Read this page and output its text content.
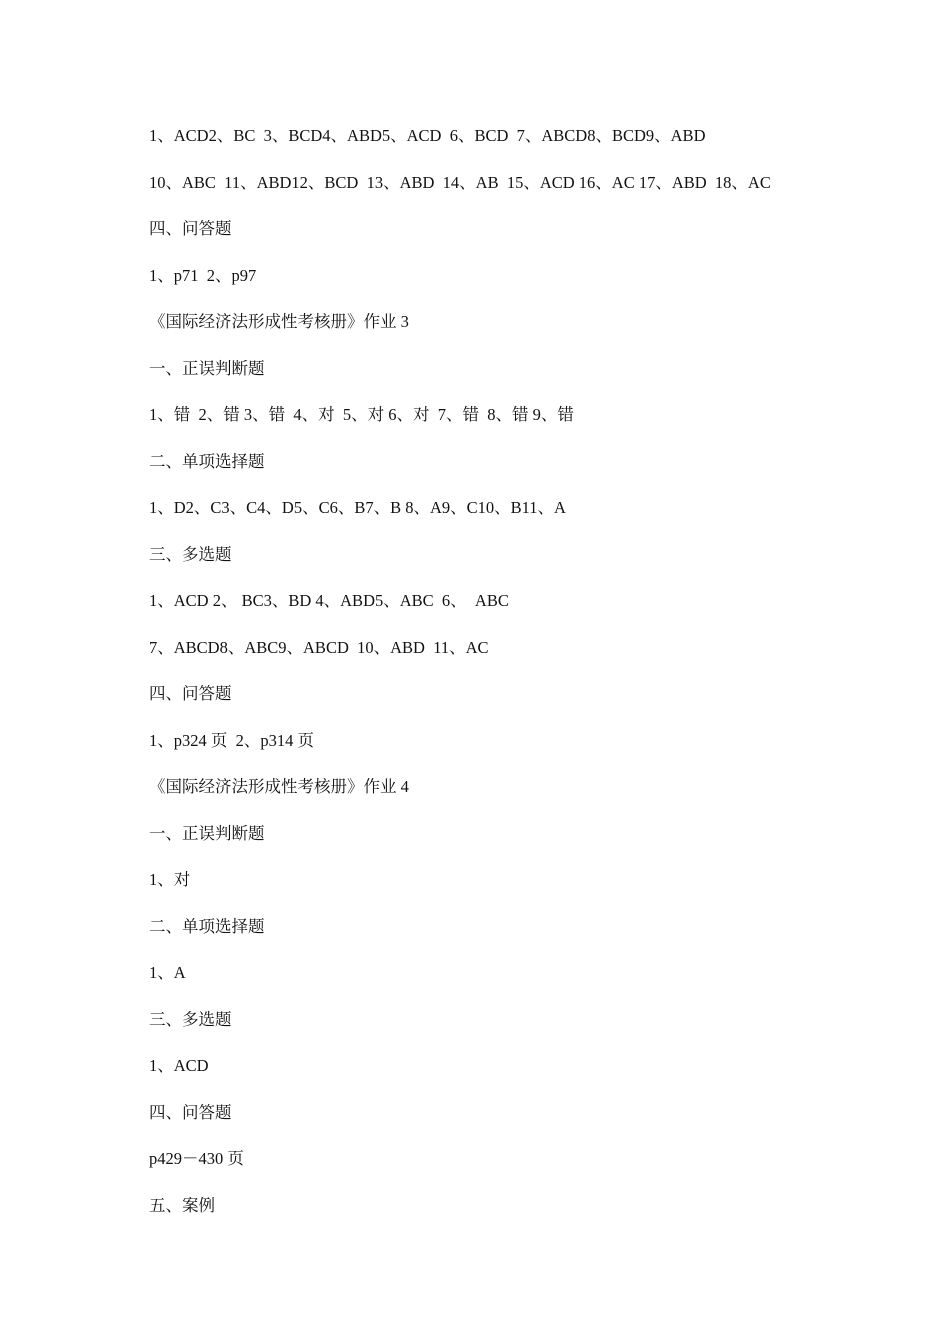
1、ACD2、BC  3、BCD4、ABD5、ACD  6、BCD  7、ABCD8、BCD9、ABD
10、ABC  11、ABD12、BCD  13、ABD  14、AB  15、ACD 16、AC 17、ABD  18、AC
四、问答题
1、p71  2、p97
《国际经济法形成性考核册》作业 3
一、正误判断题
1、错  2、错 3、错  4、对  5、对 6、对  7、错  8、错 9、错
二、单项选择题
1、D2、C3、C4、D5、C6、B7、B 8、A9、C10、B11、A
三、多选题
1、ACD 2、 BC3、BD 4、ABD5、ABC  6、  ABC
7、ABCD8、ABC9、ABCD  10、ABD  11、AC
四、问答题
1、p324 页  2、p314 页
《国际经济法形成性考核册》作业 4
一、正误判断题
1、对
二、单项选择题
1、A
三、多选题
1、ACD
四、问答题
p429－430 页
五、案例
